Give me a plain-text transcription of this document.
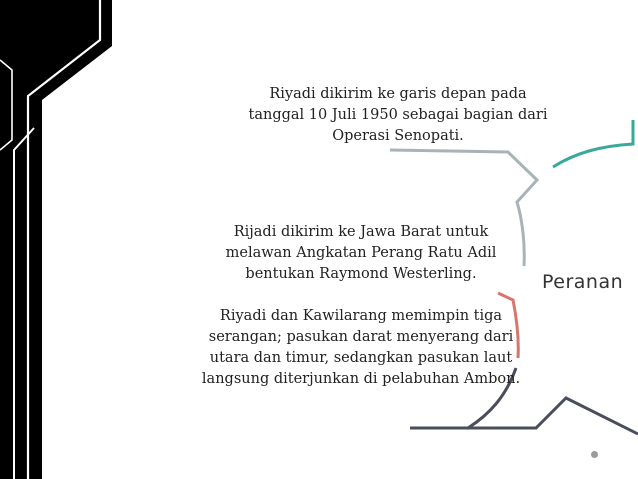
Riyadi dikirim ke garis depan pada tanggal 10 Juli 1950 sebagai bagian dari Operasi Senopati.
Rijadi dikirim ke Jawa Barat untuk melawan Angkatan Perang Ratu Adil bentukan Raymond Westerling.
Riyadi dan Kawilarang memimpin tiga serangan; pasukan darat menyerang dari utara dan timur, sedangkan pasukan laut langsung diterjunkan di pelabuhan Ambon.
Peranan
